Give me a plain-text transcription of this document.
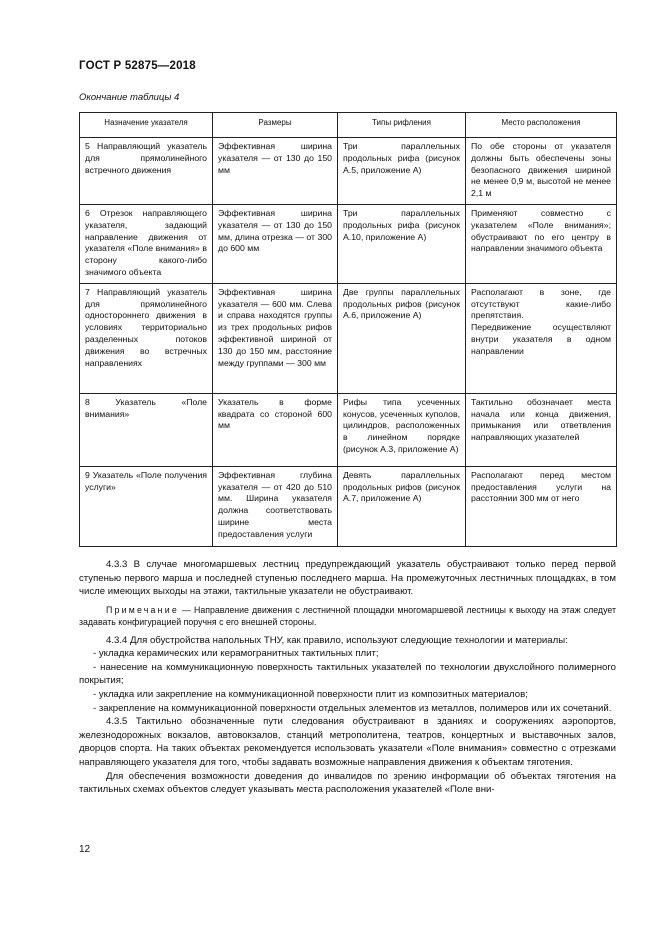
ГОСТ Р 52875—2018
Окончание таблицы 4
Назначение указателя	Размеры	Типы рифления	Место расположения

5 Направляющий указатель для прямолинейного встречного движения	Эффективная ширина указателя — от 130 до 150 мм	Три параллельных продольных рифа (рисунок А.5, приложение А)	По обе стороны от указателя должны быть обеспечены зоны безопасного движения шириной не менее 0,9 м, высотой не менее 2,1 м

6 Отрезок направляющего указателя, задающий направление движения от указателя «Поле внимания» в сторону какого-либо значимого объекта	Эффективная ширина указателя — от 130 до 150 мм, длина отрезка — от 300 до 600 мм	Три параллельных продольных рифа (рисунок А.10, приложение А)	Применяют совместно с указателем «Поле внимания»; обустраивают по его центру в направлении значимого объекта

7 Направляющий указатель для прямолинейного одностороннего движения в условиях территориально разделенных потоков движения во встречных направлениях	Эффективная ширина указателя — 600 мм. Слева и справа находятся группы из трех продольных рифов эффективной шириной от 130 до 150 мм, расстояние между группами — 300 мм	Две группы параллельных продольных рифов (рисунок А.6, приложение А)	Располагают в зоне, где отсутствуют какие-либо препятствия.
Передвижение осуществляют внутри указателя в одном направлении

8 Указатель «Поле внимания»	Указатель в форме квадрата со стороной 600 мм	Рифы типа усеченных конусов, усеченных куполов, цилиндров, расположенных в линейном порядке (рисунок А.3, приложение А)	Тактильно обозначает места начала или конца движения, примыкания или ответвления направляющих указателей

9 Указатель «Поле получения услуги»	Эффективная глубина указателя — от 420 до 510 мм. Ширина указателя должна соответствовать ширине места предоставления услуги	Девять параллельных продольных рифов (рисунок А.7, приложение А)	Располагают перед местом предоставления услуги на расстоянии 300 мм от него

4.3.3 В случае многомаршевых лестниц предупреждающий указатель обустраивают только перед первой ступенью первого марша и последней ступенью последнего марша. На промежуточных лестничных площадках, в том числе имеющих выходы на этажи, тактильные указатели не обустраивают.

Примечание — Направление движения с лестничной площадки многомаршевой лестницы к выходу на этаж следует задавать конфигурацией поручня с его внешней стороны.

4.3.4 Для обустройства напольных ТНУ, как правило, используют следующие технологии и материалы:

- укладка керамических или керамогранитных тактильных плит;

- нанесение на коммуникационную поверхность тактильных указателей по технологии двухслойного полимерного покрытия;

- укладка или закрепление на коммуникационной поверхности плит из композитных материалов;

- закрепление на коммуникационной поверхности отдельных элементов из металлов, полимеров или их сочетаний.

4.3.5 Тактильно обозначенные пути следования обустраивают в зданиях и сооружениях аэропортов, железнодорожных вокзалов, автовокзалов, станций метрополитена, театров, концертных и выставочных залов, дворцов спорта. На таких объектах рекомендуется использовать указатели «Поле внимания» совместно с отрезками направляющего указателя для того, чтобы задавать возможные направления движения к объектам тяготения.

Для обеспечения возможности доведения до инвалидов по зрению информации об объектах тяготения на тактильных схемах объектов следует указывать места расположения указателей «Поле вни-

12
